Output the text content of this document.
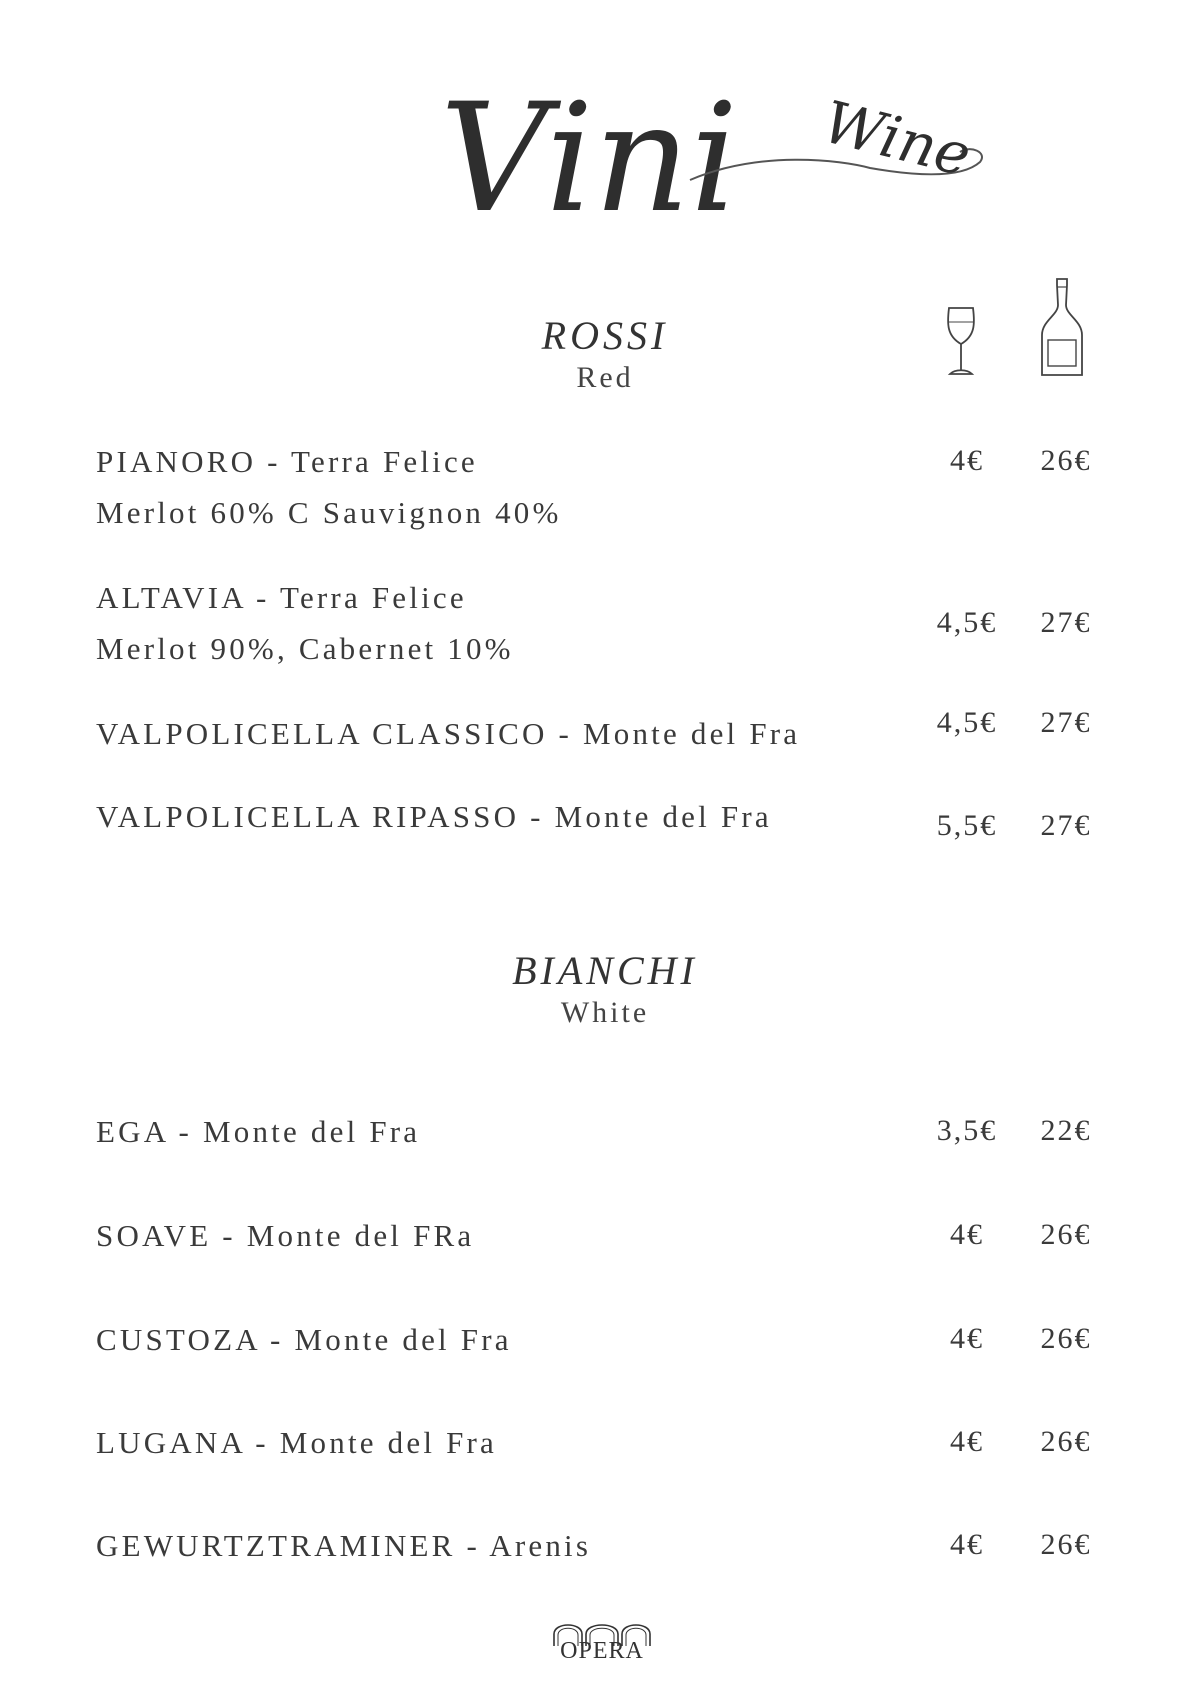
Vini Wine
ROSSI
Red
PIANORO - Terra Felice
Merlot 60% C Sauvignon 40%
4€	26€
ALTAVIA - Terra Felice
Merlot 90%, Cabernet 10%
4,5€	27€
VALPOLICELLA CLASSICO - Monte del Fra	4,5€	27€
VALPOLICELLA RIPASSO - Monte del Fra	5,5€	27€
BIANCHI
White
EGA - Monte del Fra	3,5€	22€
SOAVE - Monte del FRa	4€	26€
CUSTOZA - Monte del Fra	4€	26€
LUGANA - Monte del Fra	4€	26€
GEWURTZTRAMINER - Arenis	4€	26€
OPERA
